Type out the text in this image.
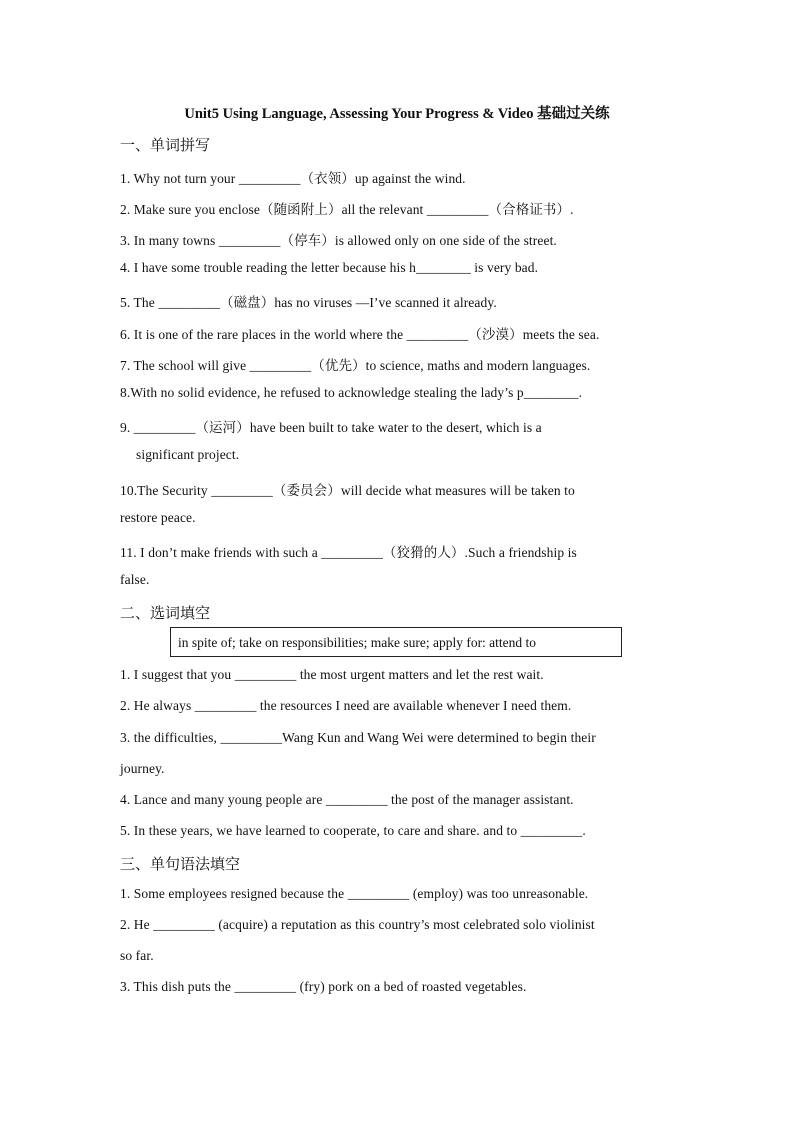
Unit5 Using Language, Assessing Your Progress & Video 基础过关练
一、单词拼写
1. Why not turn your _________（衣领）up against the wind.
2. Make sure you enclose（随函附上）all the relevant _________（合格证书）.
3. In many towns _________（停车）is allowed only on one side of the street.
4. I have some trouble reading the letter because his h________ is very bad.
5. The _________（磁盘）has no viruses —I’ve scanned it already.
6. It is one of the rare places in the world where the _________（沙漠）meets the sea.
7. The school will give _________（优先）to science, maths and modern languages.
8.With no solid evidence, he refused to acknowledge stealing the lady’s p________.
9. _________（运河）have been built to take water to the desert, which is a
significant project.
10.The Security _________（委员会）will decide what measures will be taken to
restore peace.
11. I don’t make friends with such a _________（狡猾的人）.Such a friendship is
false.
二、选词填空
in spite of; take on responsibilities; make sure; apply for: attend to
1. I suggest that you _________ the most urgent matters and let the rest wait.
2. He always _________ the resources I need are available whenever I need them.
3. the difficulties, _________Wang Kun and Wang Wei were determined to begin their
journey.
4. Lance and many young people are _________ the post of the manager assistant.
5. In these years, we have learned to cooperate, to care and share. and to _________.
三、单句语法填空
1. Some employees resigned because the _________ (employ) was too unreasonable.
2. He _________ (acquire) a reputation as this country’s most celebrated solo violinist
so far.
3. This dish puts the _________ (fry) pork on a bed of roasted vegetables.
